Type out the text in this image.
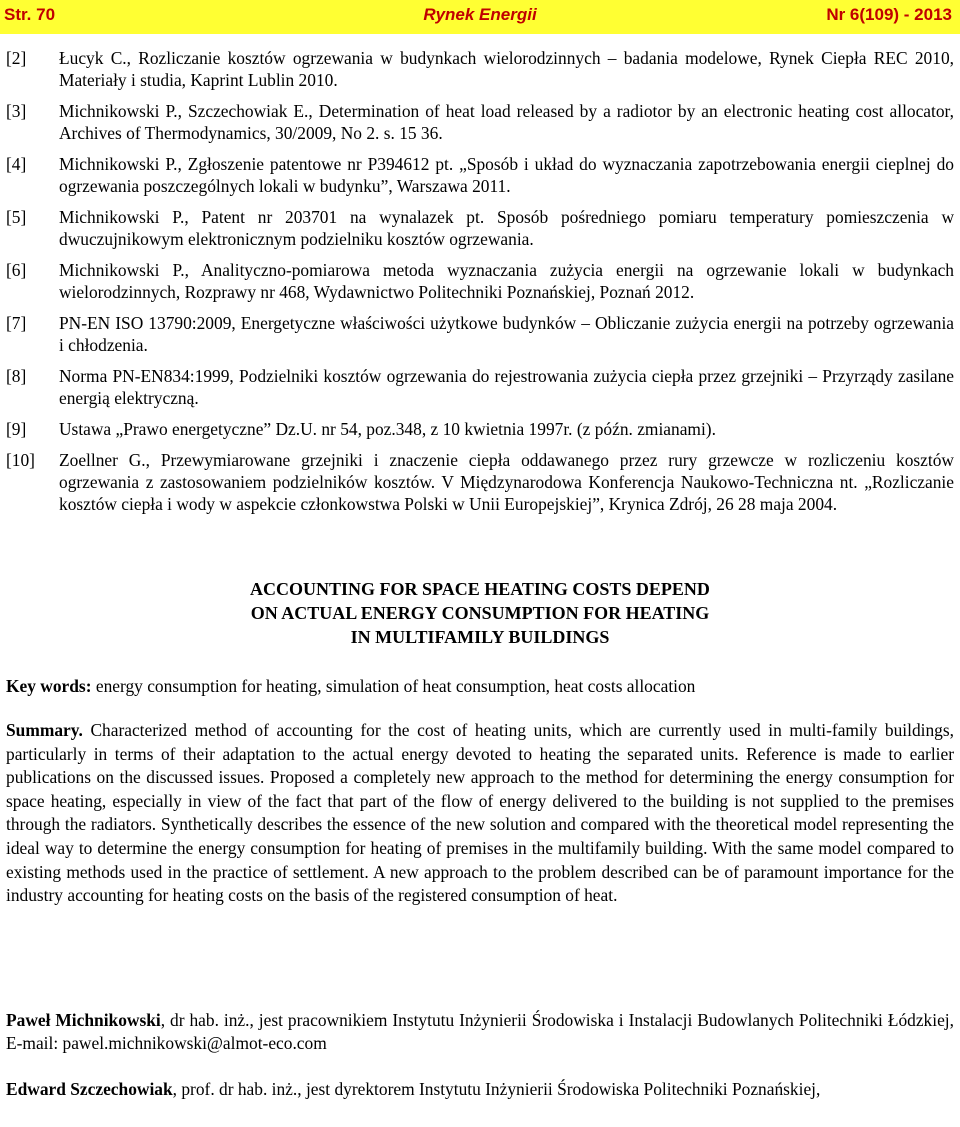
Rynek Energii
Str. 70	Nr 6(109) - 2013
[2]	Łucyk C., Rozliczanie kosztów ogrzewania w budynkach wielorodzinnych – badania modelowe, Rynek Ciepła REC 2010, Materiały i studia, Kaprint Lublin 2010.
[3]	Michnikowski P., Szczechowiak E., Determination of heat load released by a radiotor by an electronic heating cost allocator, Archives of Thermodynamics, 30/2009, No 2. s. 15 36.
[4]	Michnikowski P., Zgłoszenie patentowe nr P394612 pt. „Sposób i układ do wyznaczania zapotrzebowania energii cieplnej do ogrzewania poszczególnych lokali w budynku”, Warszawa 2011.
[5]	Michnikowski P., Patent nr 203701 na wynalazek pt. Sposób pośredniego pomiaru temperatury pomieszczenia w dwuczujnikowym elektronicznym podzielniku kosztów ogrzewania.
[6]	Michnikowski P., Analityczno-pomiarowa metoda wyznaczania zużycia energii na ogrzewanie lokali w budynkach wielorodzinnych, Rozprawy nr 468, Wydawnictwo Politechniki Poznańskiej, Poznań 2012.
[7]	PN-EN ISO 13790:2009, Energetyczne właściwości użytkowe budynków – Obliczanie zużycia energii na potrzeby ogrzewania i chłodzenia.
[8]	Norma PN-EN834:1999, Podzielniki kosztów ogrzewania do rejestrowania zużycia ciepła przez grzejniki – Przyrządy zasilane energią elektryczną.
[9]	Ustawa „Prawo energetyczne” Dz.U. nr 54, poz.348, z 10 kwietnia 1997r. (z późn. zmianami).
[10]	Zoellner G., Przewymiarowane grzejniki i znaczenie ciepła oddawanego przez rury grzewcze w rozliczeniu kosztów ogrzewania z zastosowaniem podzielników kosztów. V Międzynarodowa Konferencja Naukowo-Techniczna nt. „Rozliczanie kosztów ciepła i wody w aspekcie członkowstwa Polski w Unii Europejskiej”, Krynica Zdrój, 26 28 maja 2004.
ACCOUNTING FOR SPACE HEATING COSTS DEPEND
ON ACTUAL ENERGY CONSUMPTION FOR HEATING
IN MULTIFAMILY BUILDINGS
Key words: energy consumption for heating, simulation of heat consumption, heat costs allocation
Summary. Characterized method of accounting for the cost of heating units, which are currently used in multi-family buildings, particularly in terms of their adaptation to the actual energy devoted to heating the separated units. Reference is made to earlier publications on the discussed issues. Proposed a completely new approach to the method for determining the energy consumption for space heating, especially in view of the fact that part of the flow of energy delivered to the building is not supplied to the premises through the radiators. Synthetically describes the essence of the new solution and compared with the theoretical model representing the ideal way to determine the energy consumption for heating of premises in the multifamily building. With the same model compared to existing methods used in the practice of settlement. A new approach to the problem described can be of paramount importance for the industry accounting for heating costs on the basis of the registered consumption of heat.
Paweł Michnikowski, dr hab. inż., jest pracownikiem Instytutu Inżynierii Środowiska i Instalacji Budowlanych Politechniki Łódzkiej, E-mail: pawel.michnikowski@almot-eco.com
Edward Szczechowiak, prof. dr hab. inż., jest dyrektorem Instytutu Inżynierii Środowiska Politechniki Poznańskiej,
